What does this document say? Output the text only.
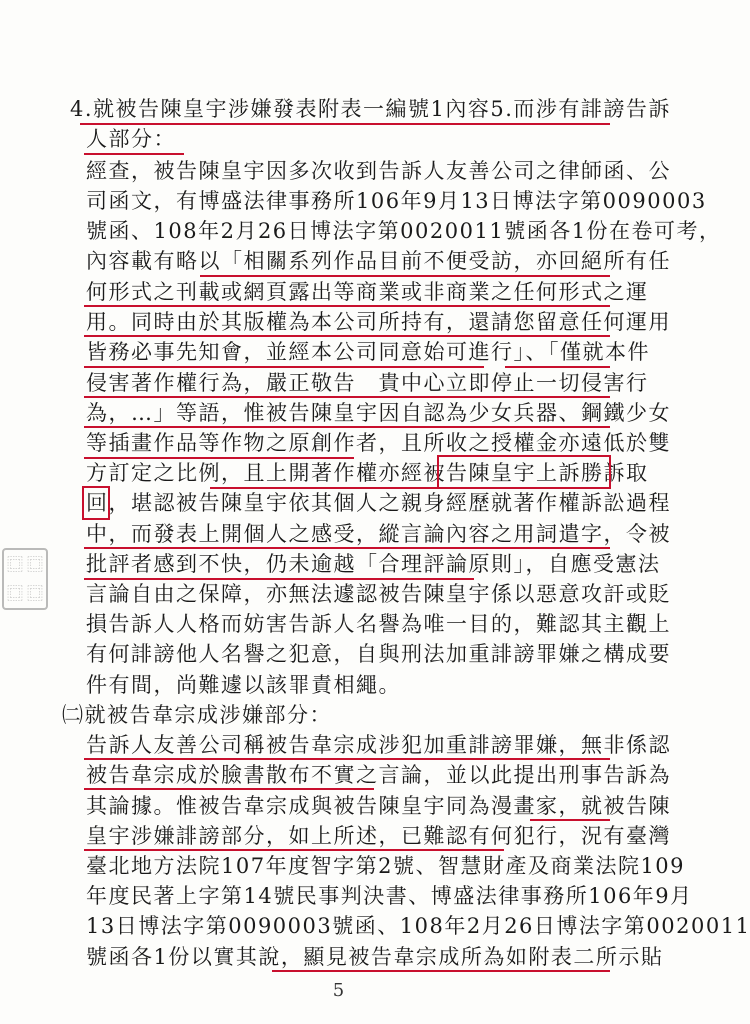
⿴ ⿴
⿴ ⿴
4.就被告陳皇宇涉嫌發表附表一編號1內容5.而涉有誹謗告訴
人部分：
經查，被告陳皇宇因多次收到告訴人友善公司之律師函、公
司函文，有博盛法律事務所106年9月13日博法字第0090003
號函、108年2月26日博法字第0020011號函各1份在卷可考，
內容載有略以「相關系列作品目前不便受訪，亦回絕所有任
何形式之刊載或網頁露出等商業或非商業之任何形式之運
用。同時由於其版權為本公司所持有，還請您留意任何運用
皆務必事先知會，並經本公司同意始可進行」、「僅就本件
侵害著作權行為，嚴正敬告　貴中心立即停止一切侵害行
為，…」等語，惟被告陳皇宇因自認為少女兵器、鋼鐵少女
等插畫作品等作物之原創作者，且所收之授權金亦遠低於雙
方訂定之比例，且上開著作權亦經被告陳皇宇上訴勝訴取
回，堪認被告陳皇宇依其個人之親身經歷就著作權訴訟過程
中，而發表上開個人之感受，縱言論內容之用詞遣字，令被
批評者感到不快，仍未逾越「合理評論原則」，自應受憲法
言論自由之保障，亦無法遽認被告陳皇宇係以惡意攻訐或貶
損告訴人人格而妨害告訴人名譽為唯一目的，難認其主觀上
有何誹謗他人名譽之犯意，自與刑法加重誹謗罪嫌之構成要
件有間，尚難遽以該罪責相繩。
㈡就被告韋宗成涉嫌部分：
告訴人友善公司稱被告韋宗成涉犯加重誹謗罪嫌，無非係認
被告韋宗成於臉書散布不實之言論，並以此提出刑事告訴為
其論據。惟被告韋宗成與被告陳皇宇同為漫畫家，就被告陳
皇宇涉嫌誹謗部分，如上所述，已難認有何犯行，況有臺灣
臺北地方法院107年度智字第2號、智慧財產及商業法院109
年度民著上字第14號民事判決書、博盛法律事務所106年9月
13日博法字第0090003號函、108年2月26日博法字第0020011
號函各1份以實其說，顯見被告韋宗成所為如附表二所示貼
5
